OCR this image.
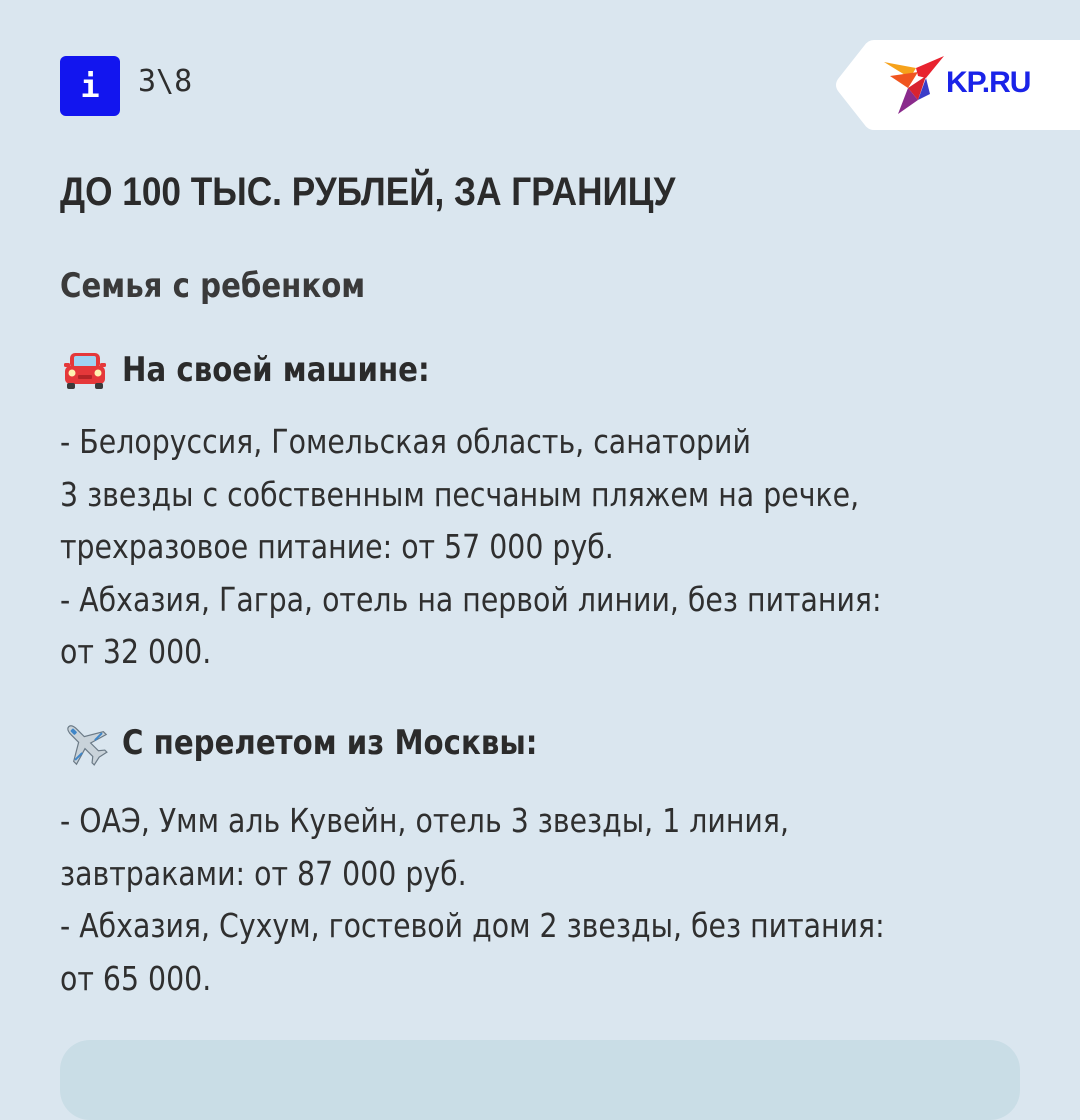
i 3\8	KP.RU
ДО 100 ТЫС. РУБЛЕЙ, ЗА ГРАНИЦУ
Семья с ребенком
На своей машине:
- Белоруссия, Гомельская область, санаторий
3 звезды с собственным песчаным пляжем на речке,
трехразовое питание: от 57 000 руб.
- Абхазия, Гагра, отель на первой линии, без питания:
от 32 000.
С перелетом из Москвы:
- ОАЭ, Умм аль Кувейн, отель 3 звезды, 1 линия,
завтраками: от 87 000 руб.
- Абхазия, Сухум, гостевой дом 2 звезды, без питания:
от 65 000.
